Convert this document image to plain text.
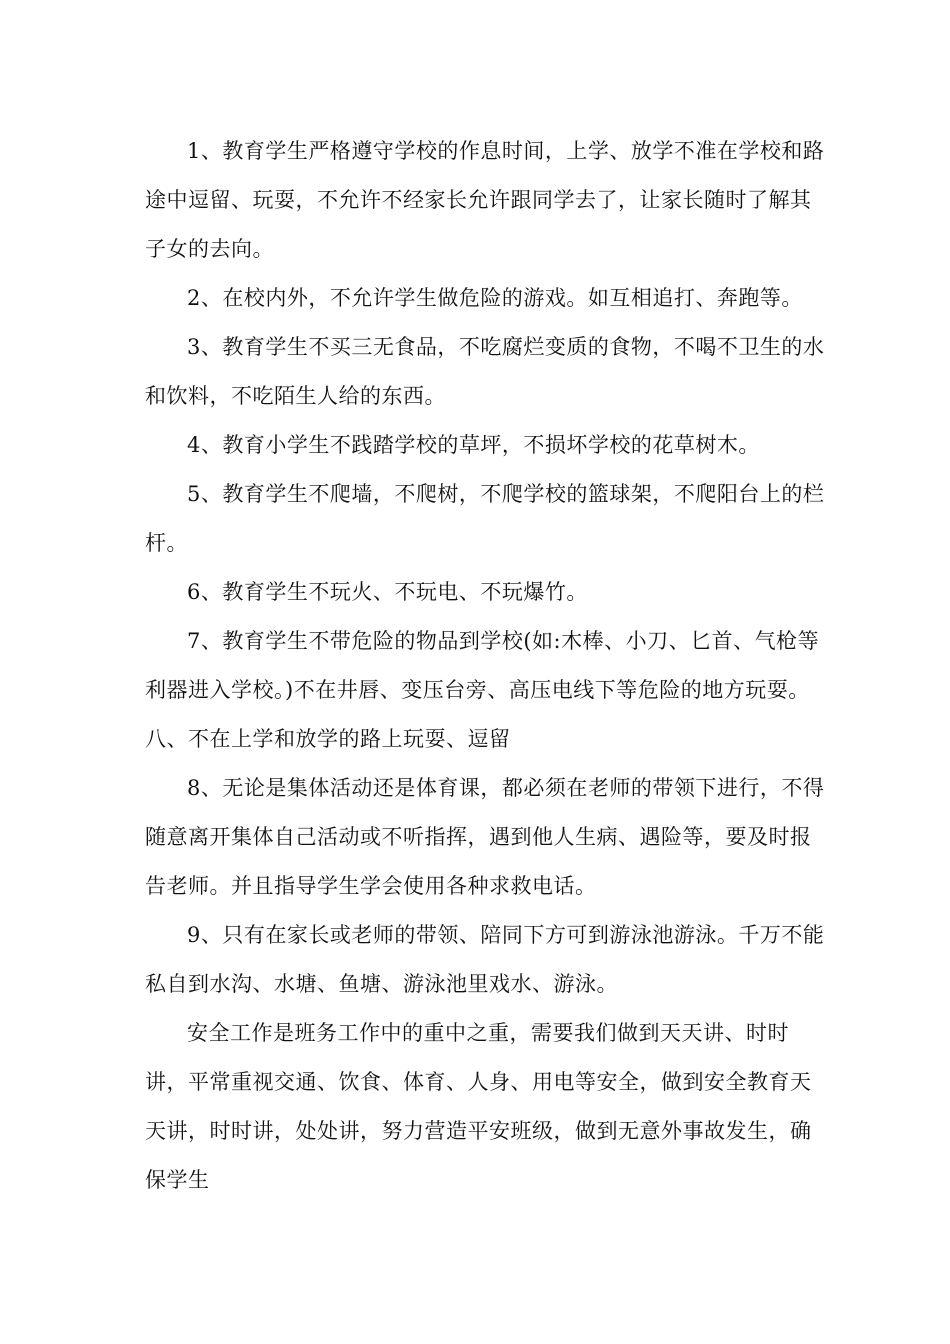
1、教育学生严格遵守学校的作息时间，上学、放学不准在学校和路途中逗留、玩耍，不允许不经家长允许跟同学去了，让家长随时了解其子女的去向。

2、在校内外，不允许学生做危险的游戏。如互相追打、奔跑等。

3、教育学生不买三无食品，不吃腐烂变质的食物，不喝不卫生的水和饮料，不吃陌生人给的东西。

4、教育小学生不践踏学校的草坪，不损坏学校的花草树木。

5、教育学生不爬墙，不爬树，不爬学校的篮球架，不爬阳台上的栏杆。

6、教育学生不玩火、不玩电、不玩爆竹。

7、教育学生不带危险的物品到学校(如:木棒、小刀、匕首、气枪等利器进入学校。)不在井唇、变压台旁、高压电线下等危险的地方玩耍。八、不在上学和放学的路上玩耍、逗留

8、无论是集体活动还是体育课，都必须在老师的带领下进行，不得随意离开集体自己活动或不听指挥，遇到他人生病、遇险等，要及时报告老师。并且指导学生学会使用各种求救电话。

9、只有在家长或老师的带领、陪同下方可到游泳池游泳。千万不能私自到水沟、水塘、鱼塘、游泳池里戏水、游泳。

安全工作是班务工作中的重中之重，需要我们做到天天讲、时时讲，平常重视交通、饮食、体育、人身、用电等安全，做到安全教育天天讲，时时讲，处处讲，努力营造平安班级，做到无意外事故发生，确保学生
